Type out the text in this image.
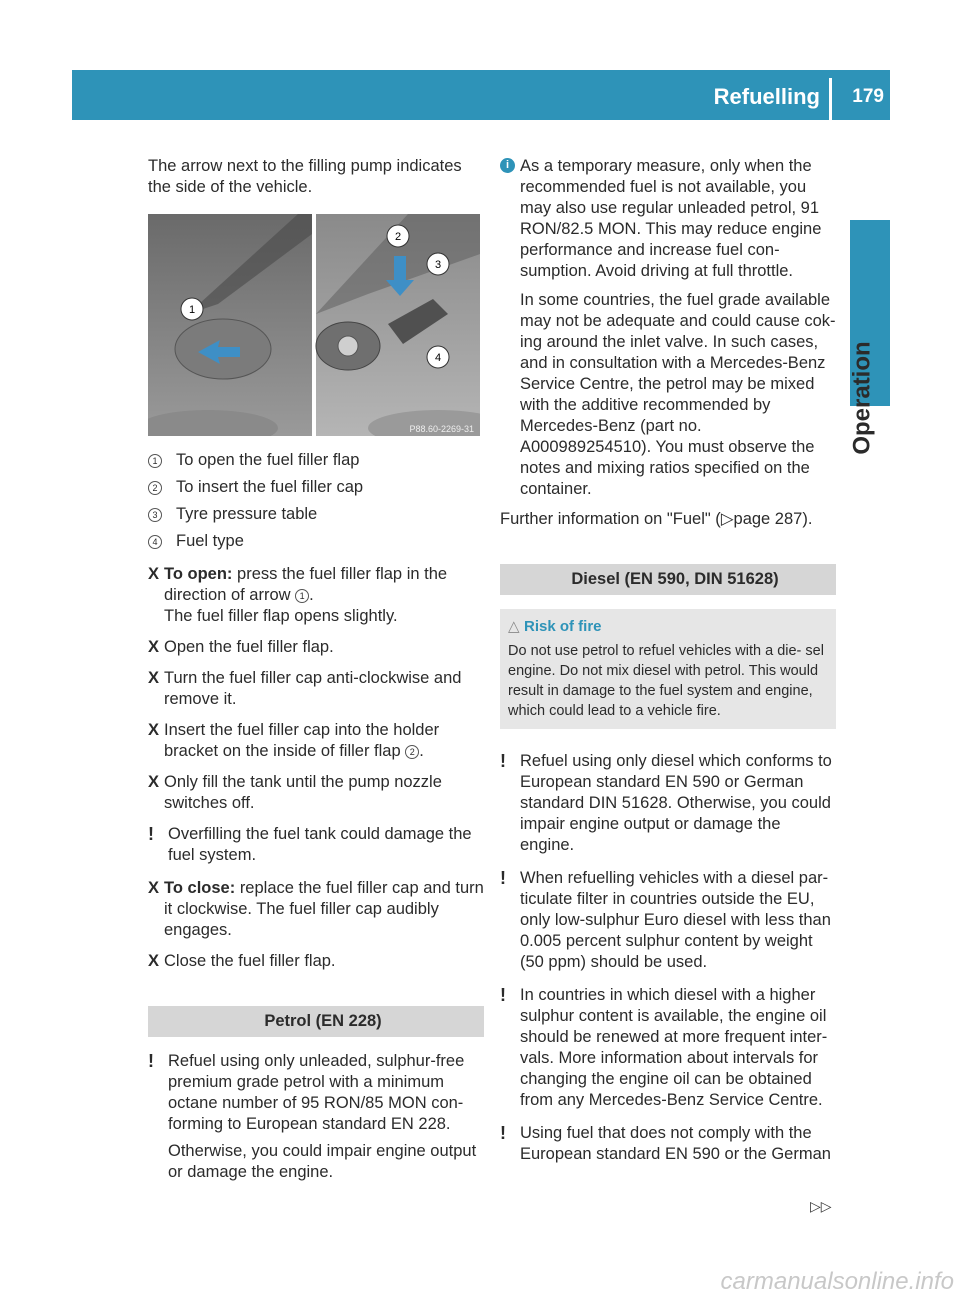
Refuelling 179
Operation

The arrow next to the filling pump indicates the side of the vehicle.

1
2
3
4
P88.60-2269-31
1 To open the fuel filler flap
2 To insert the fuel filler cap
3 Tyre pressure table
4 Fuel type
X To open: press the fuel filler flap in the direction of arrow 1 .
The fuel filler flap opens slightly.
X Open the fuel filler flap.
X Turn the fuel filler cap anti-clockwise and remove it.
X Insert the fuel filler cap into the holder bracket on the inside of filler flap 2 .
X Only fill the tank until the pump nozzle switches off.
! Overfilling the fuel tank could damage the fuel system.
X To close: replace the fuel filler cap and turn it clockwise. The fuel filler cap audibly engages.
X Close the fuel filler flap.
Petrol (EN 228)
! Refuel using only unleaded, sulphur-free premium grade petrol with a minimum octane number of 95 RON/85 MON con- forming to European standard EN 228.

Otherwise, you could impair engine output or damage the engine.

i As a temporary measure, only when the recommended fuel is not available, you may also use regular unleaded petrol, 91 RON/82.5 MON. This may reduce engine performance and increase fuel con- sumption. Avoid driving at full throttle.

In some countries, the fuel grade available may not be adequate and could cause cok- ing around the inlet valve. In such cases, and in consultation with a Mercedes-Benz Service Centre, the petrol may be mixed with the additive recommended by Mercedes-Benz (part no. A000989254510). You must observe the notes and mixing ratios specified on the container.

Further information on "Fuel" (▷page 287).

Diesel (EN 590, DIN 51628)
△ Risk of fire
Do not use petrol to refuel vehicles with a die- sel engine. Do not mix diesel with petrol. This would result in damage to the fuel system and engine, which could lead to a vehicle fire.
! Refuel using only diesel which conforms to European standard EN 590 or German standard DIN 51628. Otherwise, you could impair engine output or damage the engine.
! When refuelling vehicles with a diesel par- ticulate filter in countries outside the EU, only low-sulphur Euro diesel with less than 0.005 percent sulphur content by weight (50 ppm) should be used.
! In countries in which diesel with a higher sulphur content is available, the engine oil should be renewed at more frequent inter- vals. More information about intervals for changing the engine oil can be obtained from any Mercedes-Benz Service Centre.
! Using fuel that does not comply with the European standard EN 590 or the German
▷▷
carmanualsonline.info
